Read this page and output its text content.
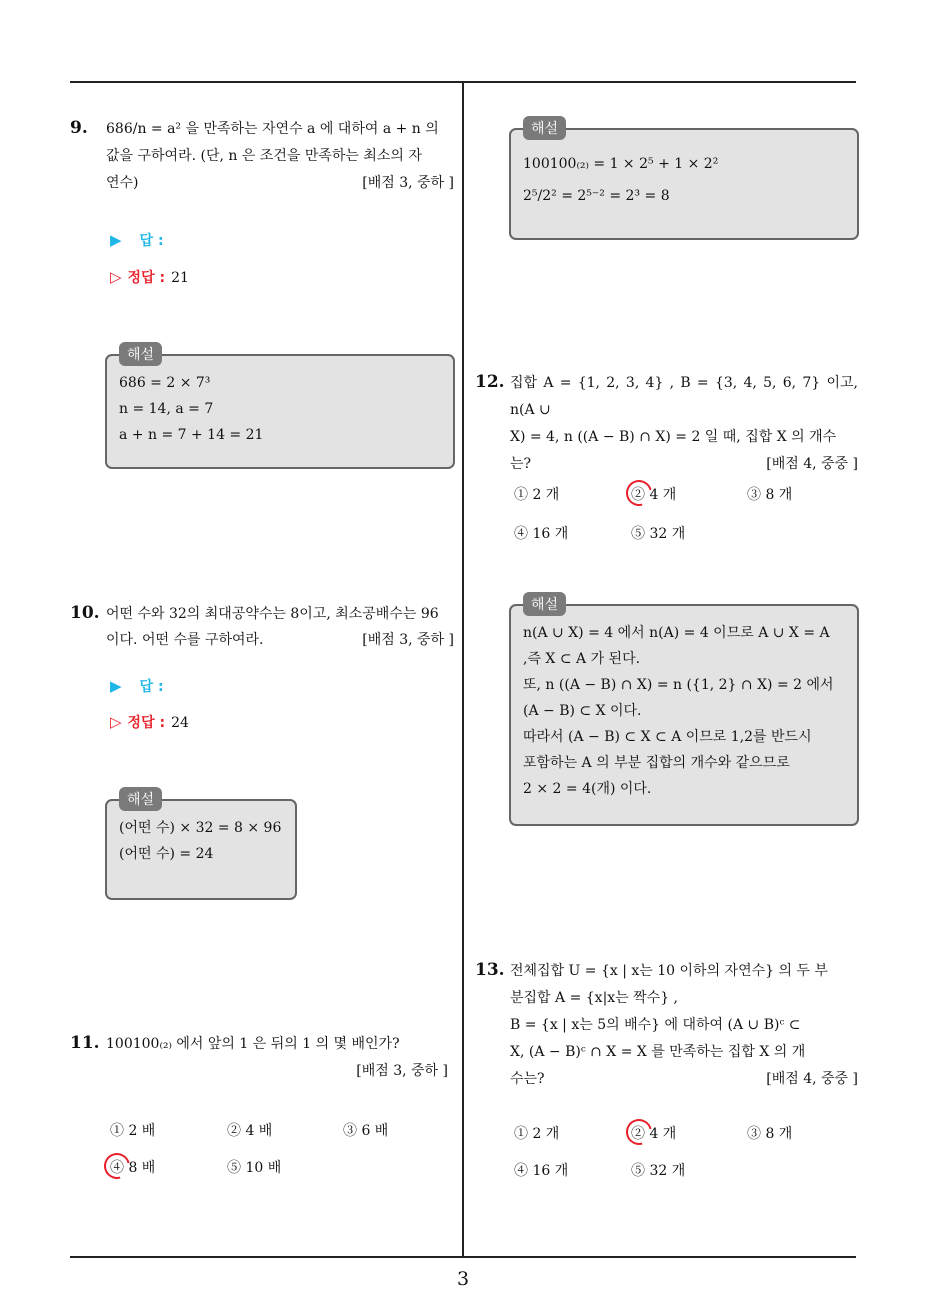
3
9. 686/n = a² 을 만족하는 자연수 a 에 대하여 a + n 의
값을 구하여라. (단, n 은 조건을 만족하는 최소의 자
연수)	[배점 3, 중하 ]
▶ 답 :
▷ 정답 : 21
해설
686 = 2 × 7³
n = 14, a = 7
a + n = 7 + 14 = 21
10. 어떤 수와 32의 최대공약수는 8이고, 최소공배수는 96
이다. 어떤 수를 구하여라.	[배점 3, 중하 ]
▶ 답 :
▷ 정답 : 24
해설
(어떤 수) × 32 = 8 × 96
(어떤 수) = 24
11. 100100₍₂₎ 에서 앞의 1 은 뒤의 1 의 몇 배인가?
[배점 3, 중하 ]
① 2 배	② 4 배	③ 6 배
④ 8 배	⑤ 10 배
해설
100100₍₂₎ = 1 × 2⁵ + 1 × 2²
2⁵/2² = 2⁵⁻² = 2³ = 8
12. 집합 A = {1, 2, 3, 4} , B = {3, 4, 5, 6, 7} 이고, n(A ∪
X) = 4, n ((A − B) ∩ X) = 2 일 때, 집합 X 의 개수
는?	[배점 4, 중중 ]
① 2 개	② 4 개	③ 8 개
④ 16 개	⑤ 32 개
해설
n(A ∪ X) = 4 에서 n(A) = 4 이므로 A ∪ X = A
,즉 X ⊂ A 가 된다.
또, n ((A − B) ∩ X) = n ({1, 2} ∩ X) = 2 에서
(A − B) ⊂ X 이다.
따라서 (A − B) ⊂ X ⊂ A 이므로 1,2를 반드시
포함하는 A 의 부분 집합의 개수와 같으므로
2 × 2 = 4(개) 이다.
13. 전체집합 U = {x | x는 10 이하의 자연수} 의 두 부
분집합 A = {x|x는 짝수} ,
B = {x | x는 5의 배수} 에 대하여 (A ∪ B)ᶜ ⊂
X, (A − B)ᶜ ∩ X = X 를 만족하는 집합 X 의 개
수는?	[배점 4, 중중 ]
① 2 개	② 4 개	③ 8 개
④ 16 개	⑤ 32 개
